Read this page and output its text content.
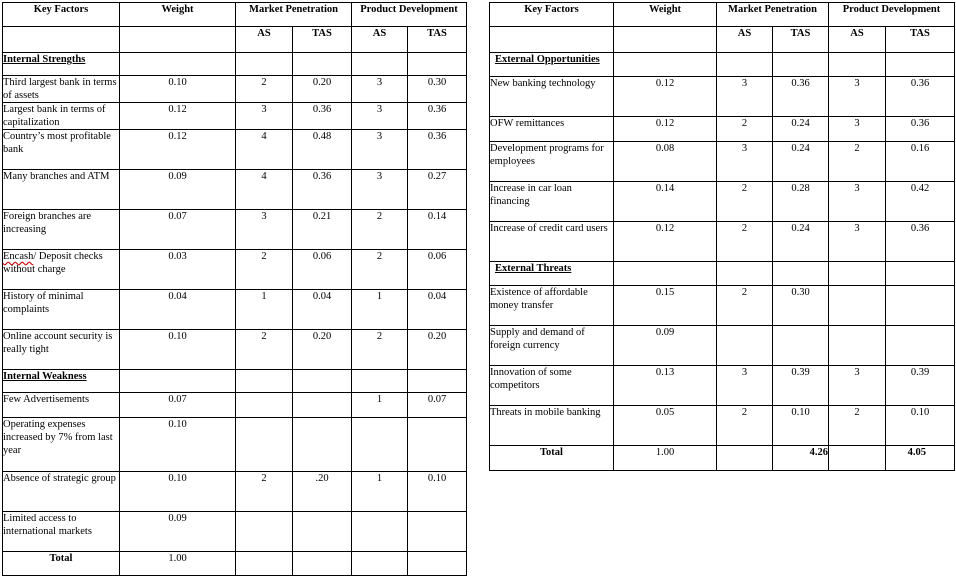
Key Factors	Weight	Market Penetration		Product Development	
		AS	TAS	AS	TAS
Internal Strengths					
Third largest bank in terms of assets	0.10	2	0.20	3	0.30
Largest bank in terms of capitalization	0.12	3	0.36	3	0.36
Country’s most profitable bank	0.12	4	0.48	3	0.36
Many branches and ATM	0.09	4	0.36	3	0.27
Foreign branches are increasing	0.07	3	0.21	2	0.14
Encash/ Deposit checks without charge	0.03	2	0.06	2	0.06
History of minimal complaints	0.04	1	0.04	1	0.04
Online account security is really tight	0.10	2	0.20	2	0.20
Internal Weakness					
Few Advertisements	0.07			1	0.07
Operating expenses increased by 7% from last year	0.10				
Absence of strategic group	0.10	2	.20	1	0.10
Limited access to international markets	0.09				
Total	1.00				
Key Factors	Weight	Market Penetration		Product Development	
		AS	TAS	AS	TAS
External Opportunities					
New banking technology	0.12	3	0.36	3	0.36
OFW remittances	0.12	2	0.24	3	0.36
Development programs for employees	0.08	3	0.24	2	0.16
Increase in car loan financing	0.14	2	0.28	3	0.42
Increase of credit card users	0.12	2	0.24	3	0.36
External Threats					
Existence of affordable money transfer	0.15	2	0.30		
Supply and demand of foreign currency	0.09				
Innovation of some competitors	0.13	3	0.39	3	0.39
Threats in mobile banking	0.05	2	0.10	2	0.10
Total	1.00		4.26		4.05
